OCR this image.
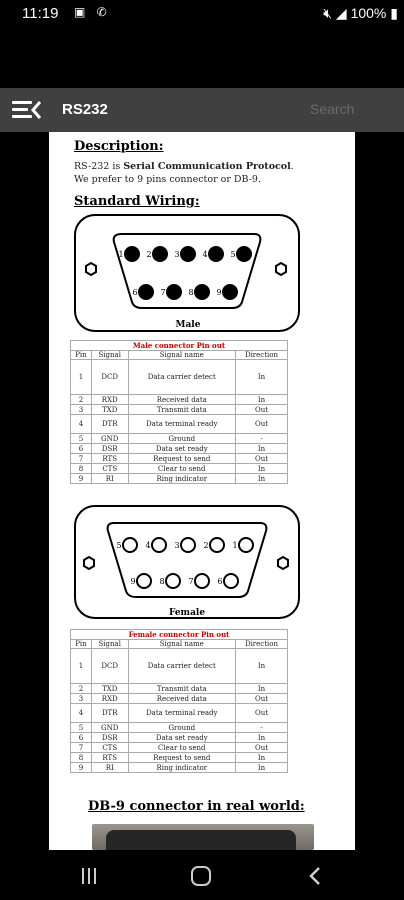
11:19 ▣ ✆	🔇︎ ◢ 100% ▮
RS232	Search
Description:
RS-232 is Serial Communication Protocol. We prefer to 9 pins connector or DB-9.
Standard Wiring:
1	2	3	4	5
6	7	8	9
Male
Male connector Pin out			
Pin	Signal	Signal name	Direction
1	DCD	Data carrier detect	In
2	RXD	Received data	In
3	TXD	Transmit data	Out
4	DTR	Data terminal ready	Out
5	GND	Ground	-
6	DSR	Data set ready	In
7	RTS	Request to send	Out
8	CTS	Clear to send	In
9	RI	Ring indicator	In
5	4	3	2	1
9	8	7	6
Female
Female connector Pin out			
Pin	Signal	Signal name	Direction
1	DCD	Data carrier detect	In
2	TXD	Transmit data	In
3	RXD	Received data	Out
4	DTR	Data terminal ready	Out
5	GND	Ground	-
6	DSR	Data set ready	In
7	CTS	Clear to send	Out
8	RTS	Request to send	In
9	RI	Ring indicator	In
DB-9 connector in real world:
